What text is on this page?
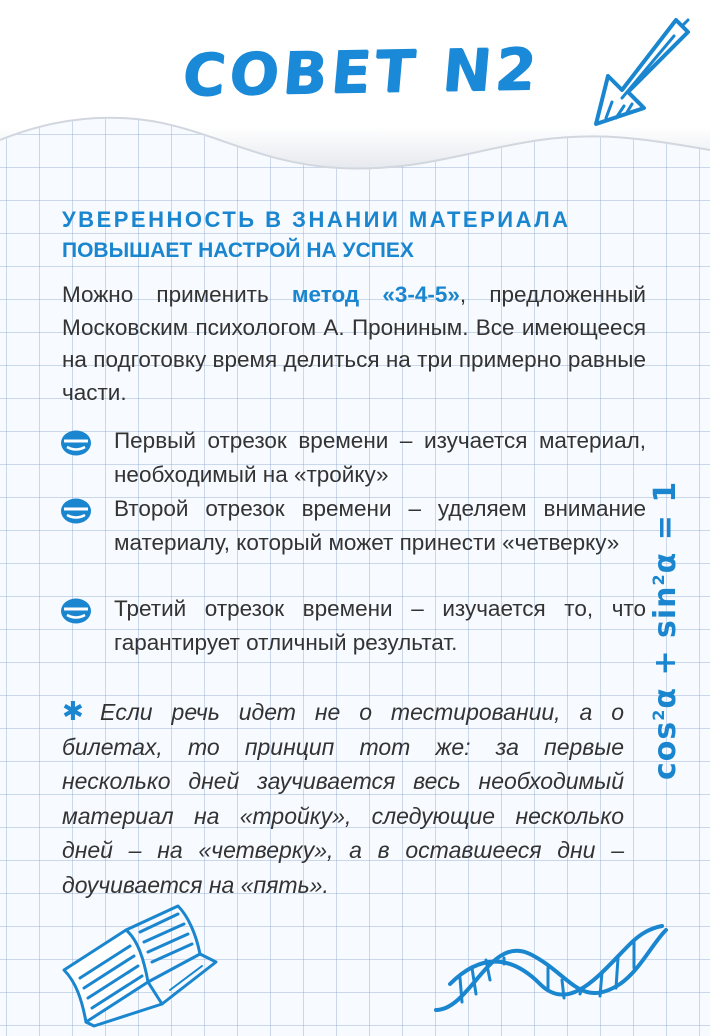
СОВЕТ N2
УВЕРЕННОСТЬ В ЗНАНИИ МАТЕРИАЛА
ПОВЫШАЕТ НАСТРОЙ НА УСПЕХ
Можно применить метод «3-4-5», предложенный Московским психологом А. Прониным. Все имеющееся на подготовку время делиться на три примерно равные части.
Первый отрезок времени – изучается материал, необходимый на «тройку»
Второй отрезок времени – уделяем внимание материалу, который может принести «четверку»
Третий отрезок времени – изучается то, что гарантирует отличный результат.
✱ Если речь идет не о тестировании, а о билетах, то принцип тот же: за первые несколько дней заучивается весь необходимый материал на «тройку», следующие несколько дней – на «четверку», а в оставшееся дни – доучивается на «пять».
$\cos^2\alpha + \sin^2\alpha = 1$
